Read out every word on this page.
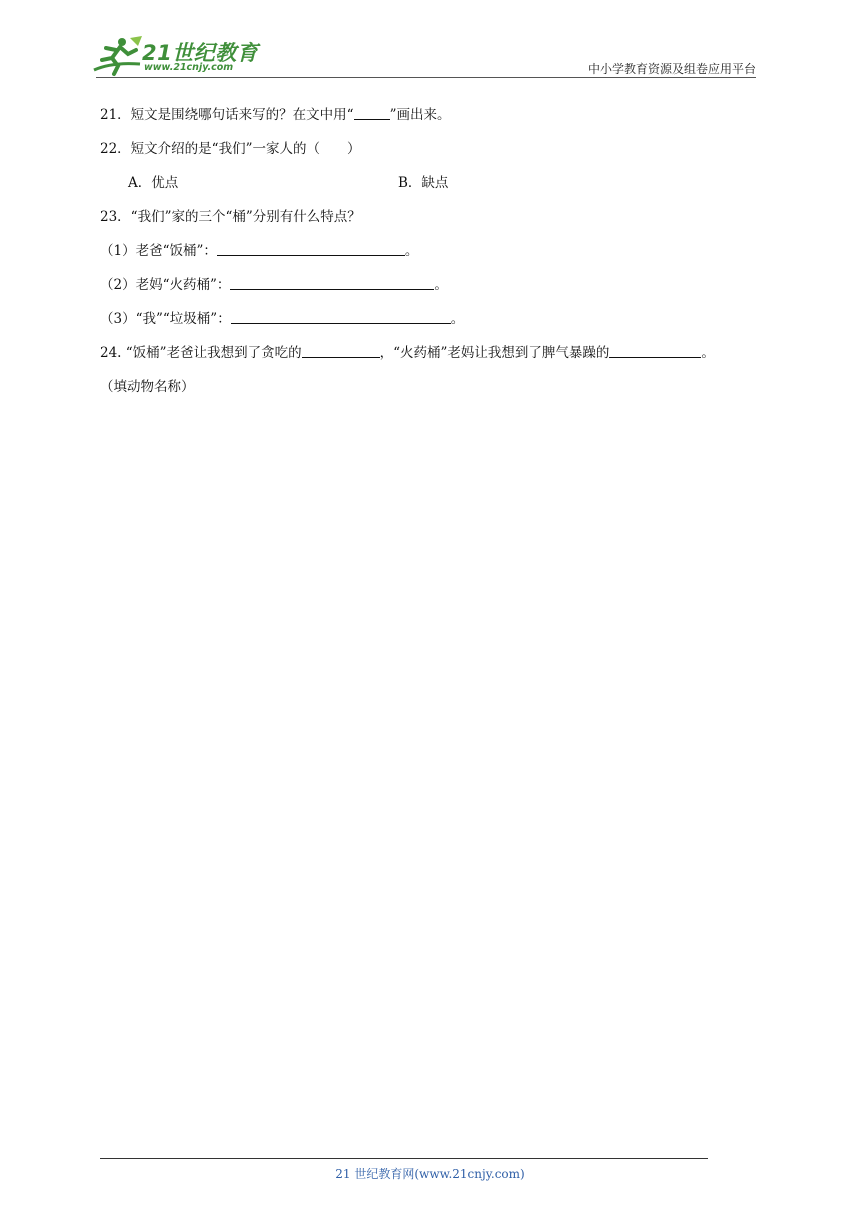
21世纪教育
www.21cnjy.com	中小学教育资源及组卷应用平台
21．短文是围绕哪句话来写的？在文中用“	”画出来。
22．短文介绍的是“我们”一家人的（　　）
A．优点	B．缺点
23．“我们”家的三个“桶”分别有什么特点？
（1）老爸“饭桶”：	。
（2）老妈“火药桶”：	。
（3）“我”“垃圾桶”：	。
24. “饭桶”老爸让我想到了贪吃的	，“火药桶”老妈让我想到了脾气暴躁的	。
（填动物名称）
21 世纪教育网(www.21cnjy.com)
